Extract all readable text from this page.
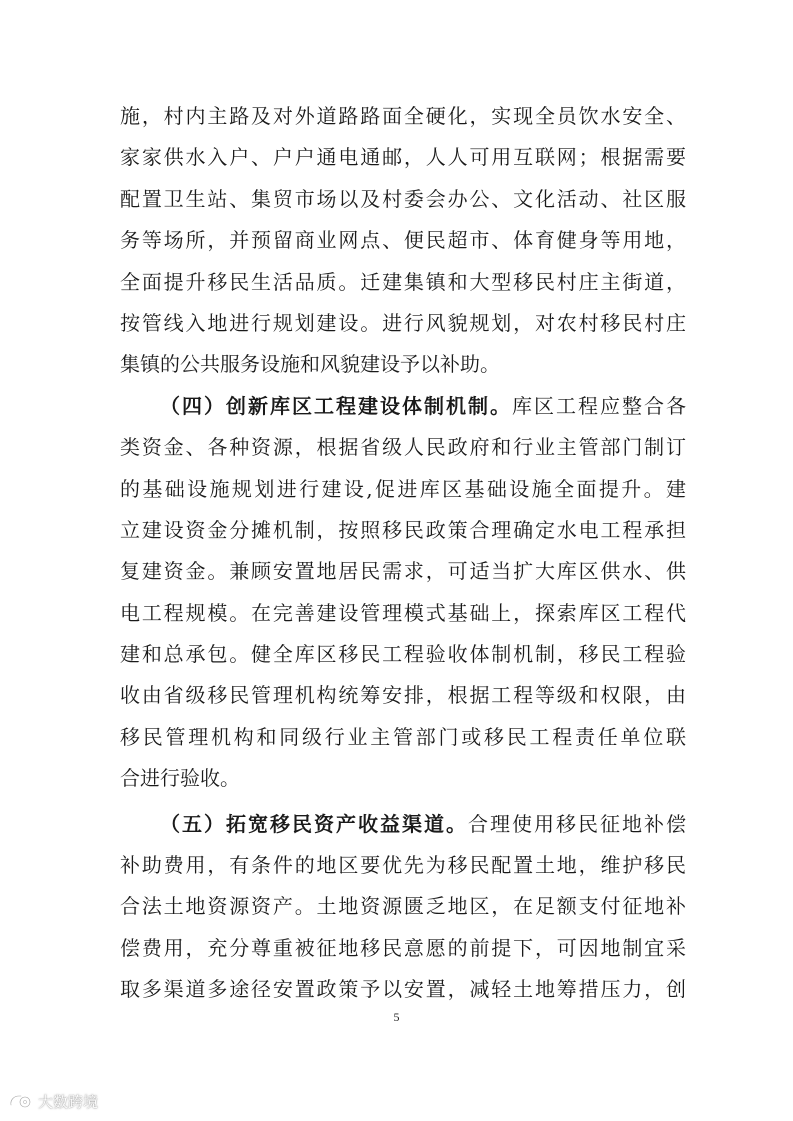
施，村内主路及对外道路路面全硬化，实现全员饮水安全、
家家供水入户、户户通电通邮，人人可用互联网；根据需要
配置卫生站、集贸市场以及村委会办公、文化活动、社区服
务等场所，并预留商业网点、便民超市、体育健身等用地，
全面提升移民生活品质。迁建集镇和大型移民村庄主街道，
按管线入地进行规划建设。进行风貌规划，对农村移民村庄
集镇的公共服务设施和风貌建设予以补助。
（四）创新库区工程建设体制机制。库区工程应整合各
类资金、各种资源，根据省级人民政府和行业主管部门制订
的基础设施规划进行建设,促进库区基础设施全面提升。建
立建设资金分摊机制，按照移民政策合理确定水电工程承担
复建资金。兼顾安置地居民需求，可适当扩大库区供水、供
电工程规模。在完善建设管理模式基础上，探索库区工程代
建和总承包。健全库区移民工程验收体制机制，移民工程验
收由省级移民管理机构统筹安排，根据工程等级和权限，由
移民管理机构和同级行业主管部门或移民工程责任单位联
合进行验收。
（五）拓宽移民资产收益渠道。合理使用移民征地补偿
补助费用，有条件的地区要优先为移民配置土地，维护移民
合法土地资源资产。土地资源匮乏地区，在足额支付征地补
偿费用，充分尊重被征地移民意愿的前提下，可因地制宜采
取多渠道多途径安置政策予以安置，减轻土地筹措压力，创
5
大数跨境
